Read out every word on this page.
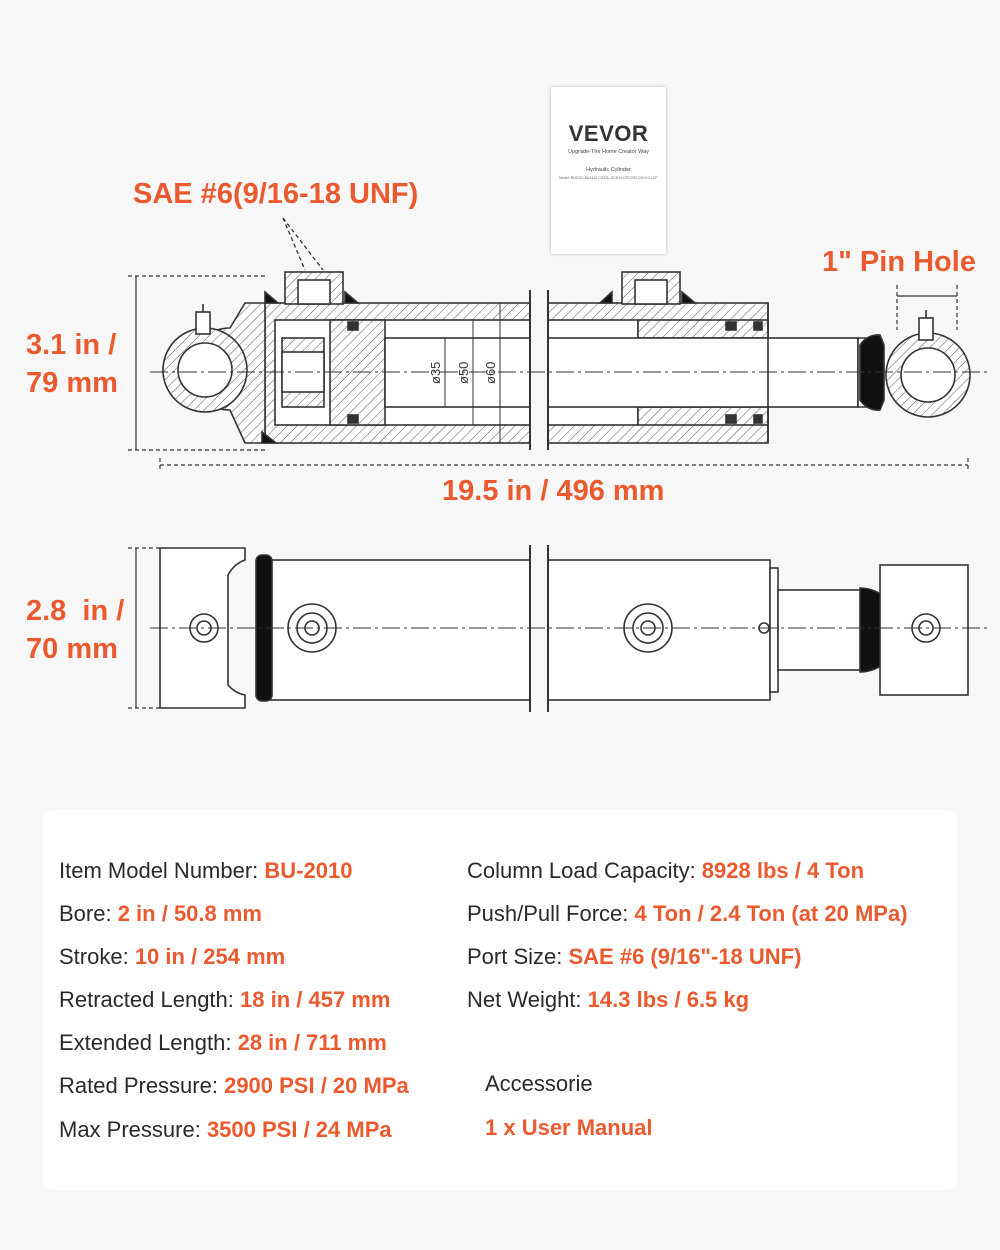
ø35 ø50 ø60
SAE #6(9/16-18 UNF)
1" Pin Hole
3.1 in /
79 mm
19.5 in / 496 mm
2.8  in /
70 mm
VEVOR
Upgrade-The Home Creator Way
Hydraulic Cylinder
Model: BU2010-BU2410-CS3SL-DCH10-DPC2R2-DCH10-LCP
Item Model Number: BU-2010
Bore: 2 in / 50.8 mm
Stroke: 10 in / 254 mm
Retracted Length: 18 in / 457 mm
Extended Length: 28 in / 711 mm
Rated Pressure: 2900 PSI / 20 MPa
Max Pressure: 3500 PSI / 24 MPa
Column Load Capacity: 8928 lbs / 4 Ton
Push/Pull Force: 4 Ton / 2.4 Ton (at 20 MPa)
Port Size: SAE #6 (9/16"-18 UNF)
Net Weight: 14.3 lbs / 6.5 kg
Accessorie
1 x User Manual
